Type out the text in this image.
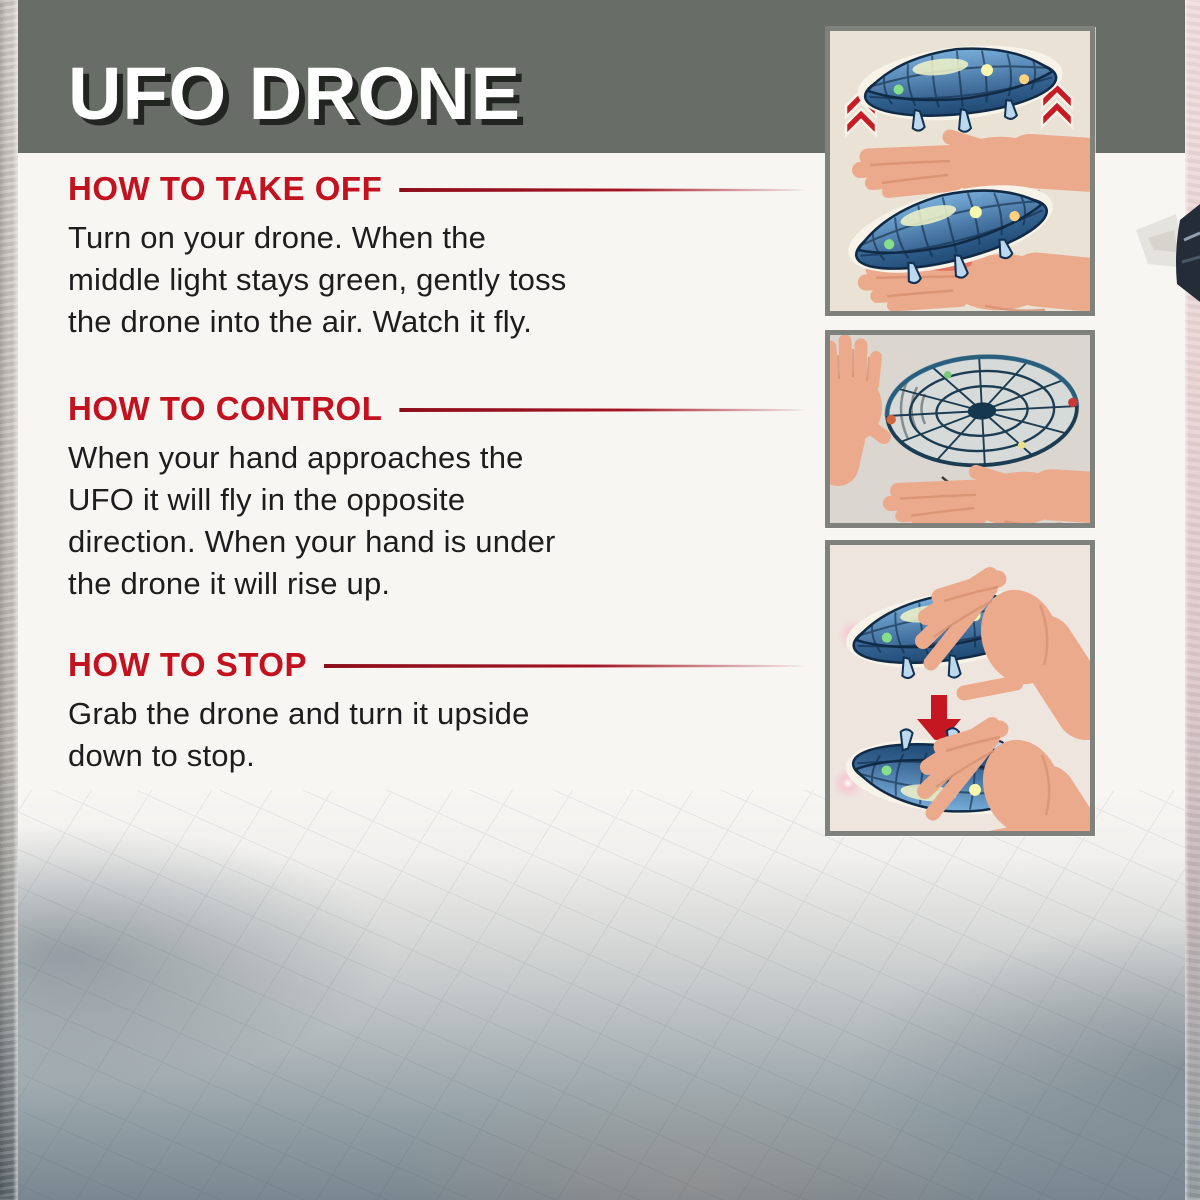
UFO DRONE
HOW TO TAKE OFF
Turn on your drone. When the
middle light stays green, gently toss
the drone into the air. Watch it fly.
HOW TO CONTROL
When your hand approaches the
UFO it will fly in the opposite
direction. When your hand is under
the drone it will rise up.
HOW TO STOP
Grab the drone and turn it upside
down to stop.
